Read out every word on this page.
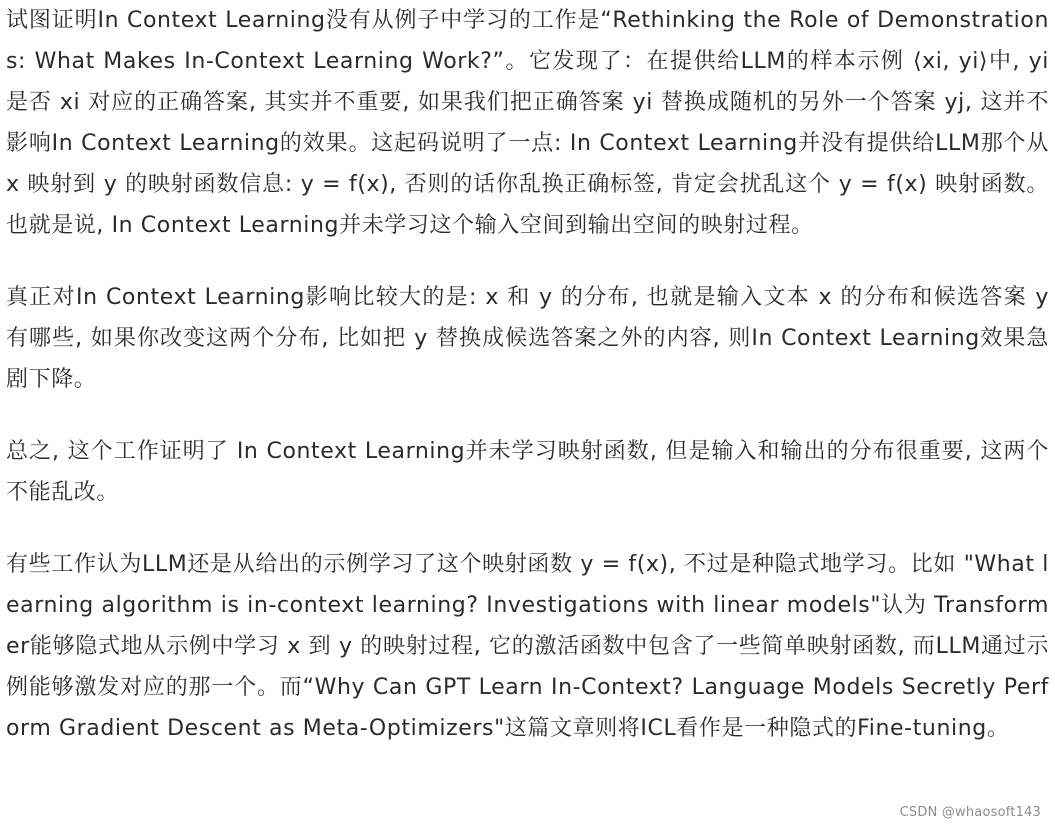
试图证明In Context Learning没有从例子中学习的工作是“Rethinking the Role of Demonstrations: What Makes In-Context Learning Work?”。它发现了：在提供给LLM的样本示例 ⟨xi, yi⟩中, yi 是否 xi 对应的正确答案, 其实并不重要, 如果我们把正确答案 yi 替换成随机的另外一个答案 yj, 这并不影响In Context Learning的效果。这起码说明了一点: In Context Learning并没有提供给LLM那个从 x 映射到 y 的映射函数信息: y = f(x), 否则的话你乱换正确标签, 肯定会扰乱这个 y = f(x) 映射函数。也就是说, In Context Learning并未学习这个输入空间到输出空间的映射过程。

真正对In Context Learning影响比较大的是: x 和 y 的分布, 也就是输入文本 x 的分布和候选答案 y 有哪些, 如果你改变这两个分布, 比如把 y 替换成候选答案之外的内容, 则In Context Learning效果急剧下降。

总之, 这个工作证明了 In Context Learning并未学习映射函数, 但是输入和输出的分布很重要, 这两个不能乱改。

有些工作认为LLM还是从给出的示例学习了这个映射函数 y = f(x), 不过是种隐式地学习。比如 "What learning algorithm is in-context learning? Investigations with linear models"认为 Transformer能够隐式地从示例中学习 x 到 y 的映射过程, 它的激活函数中包含了一些简单映射函数, 而LLM通过示例能够激发对应的那一个。而“Why Can GPT Learn In-Context? Language Models Secretly Perform Gradient Descent as Meta-Optimizers"这篇文章则将ICL看作是一种隐式的Fine-tuning。

CSDN @whaosoft143
